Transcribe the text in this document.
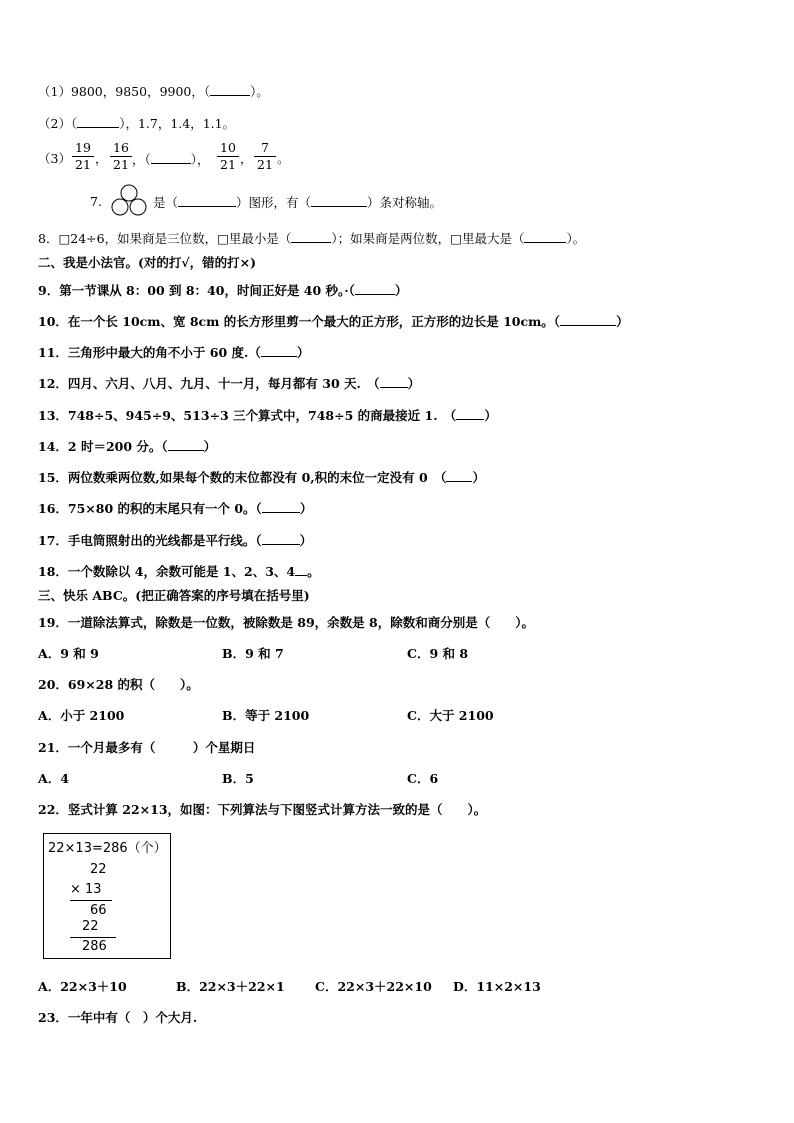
（1）9800，9850，9900，（	）。
（2）（	），1.7，1.4，1.1。
$(3) \frac{19}{21}$ ， $\frac{16}{21}$ ，（	）， $\frac{10}{21}$ ， $\frac{7}{21}$ 。
7.	是（	）图形，有（	）条对称轴。
8．□24÷6，如果商是三位数，□里最小是（	）；如果商是两位数，□里最大是（	）。
二、我是小法官。(对的打√，错的打×)
9．第一节课从 8：00 到 8：40，时间正好是 40 秒。·（	）
10．在一个长 10cm、宽 8cm 的长方形里剪一个最大的正方形，正方形的边长是 10cm。（	）
11．三角形中最大的角不小于 60 度.（	）
12．四月、六月、八月、九月、十一月，每月都有 30 天.　（ ）
13．748÷5、945÷9、513÷3 三个算式中，748÷5 的商最接近 1.　（ ）
14．2 时＝200 分。（	）
15．两位数乘两位数,如果每个数的末位都没有 0,积的末位一定没有 0　（ ）
16．75×80 的积的末尾只有一个 0。（	）
17．手电筒照射出的光线都是平行线。（	）
18．一个数除以 4，余数可能是 1、2、3、4 。
三、快乐 ABC。(把正确答案的序号填在括号里)
19．一道除法算式，除数是一位数，被除数是 89，余数是 8，除数和商分别是（　　）。
A．9 和 9	B．9 和 7	C．9 和 8
20．69×28 的积（　　）。
A．小于 2100	B．等于 2100	C．大于 2100
21．一个月最多有（　　　）个星期日
A．4	B．5	C．6
22．竖式计算 22×13，如图：下列算法与下图竖式计算方法一致的是（　　）。
22×13=286（个）
22
× 13
66
22
286
A．22×3＋10	B．22×3＋22×1 C．22×3＋22×10 D．11×2×13
23．一年中有（　）个大月.
